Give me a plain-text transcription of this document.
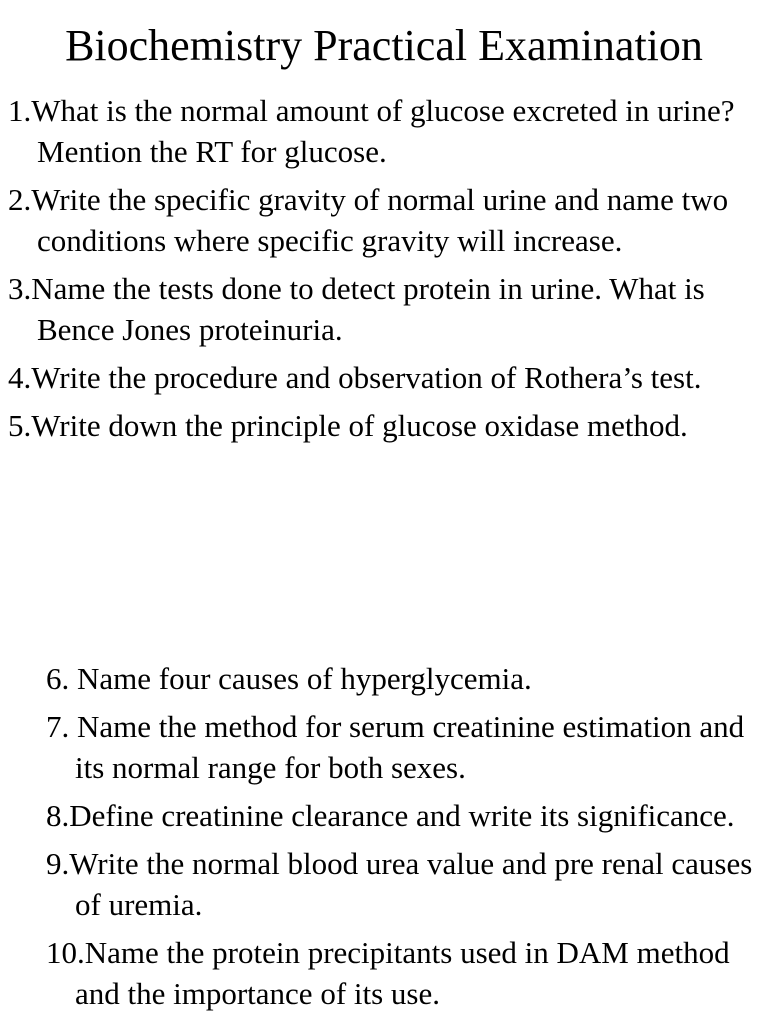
Biochemistry Practical Examination
1.What is the normal amount of glucose excreted in urine? Mention the RT for glucose.
2.Write the specific gravity of normal urine and name two conditions where specific gravity will increase.
3.Name the tests done to detect protein in urine. What is Bence Jones proteinuria.
4.Write the procedure and observation of Rothera’s test.
5.Write down the principle of glucose oxidase method.
6. Name four causes of hyperglycemia.
7. Name the method for serum creatinine estimation and its normal range for both sexes.
8.Define creatinine clearance and write its significance.
9.Write the normal blood urea value and pre renal causes of uremia.
10.Name the protein precipitants used in DAM method and the importance of its use.
